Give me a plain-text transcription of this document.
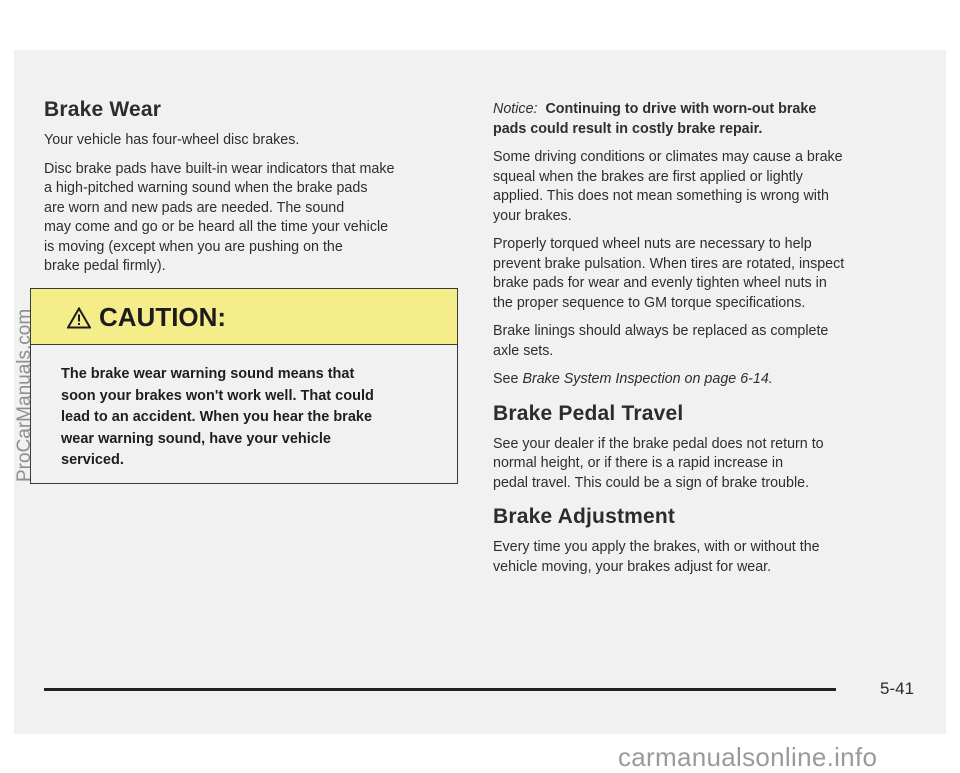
Brake Wear

Your vehicle has four-wheel disc brakes.

Disc brake pads have built-in wear indicators that make
a high-pitched warning sound when the brake pads
are worn and new pads are needed. The sound
may come and go or be heard all the time your vehicle
is moving (except when you are pushing on the
brake pedal firmly).

CAUTION:
The brake wear warning sound means that
soon your brakes won't work well. That could
lead to an accident. When you hear the brake
wear warning sound, have your vehicle
serviced.
ProCarManuals.com

Notice: Continuing to drive with worn-out brake
pads could result in costly brake repair.

Some driving conditions or climates may cause a brake
squeal when the brakes are first applied or lightly
applied. This does not mean something is wrong with
your brakes.

Properly torqued wheel nuts are necessary to help
prevent brake pulsation. When tires are rotated, inspect
brake pads for wear and evenly tighten wheel nuts in
the proper sequence to GM torque specifications.

Brake linings should always be replaced as complete
axle sets.

See Brake System Inspection on page 6-14.

Brake Pedal Travel

See your dealer if the brake pedal does not return to
normal height, or if there is a rapid increase in
pedal travel. This could be a sign of brake trouble.

Brake Adjustment

Every time you apply the brakes, with or without the
vehicle moving, your brakes adjust for wear.

5-41
carmanualsonline.info
